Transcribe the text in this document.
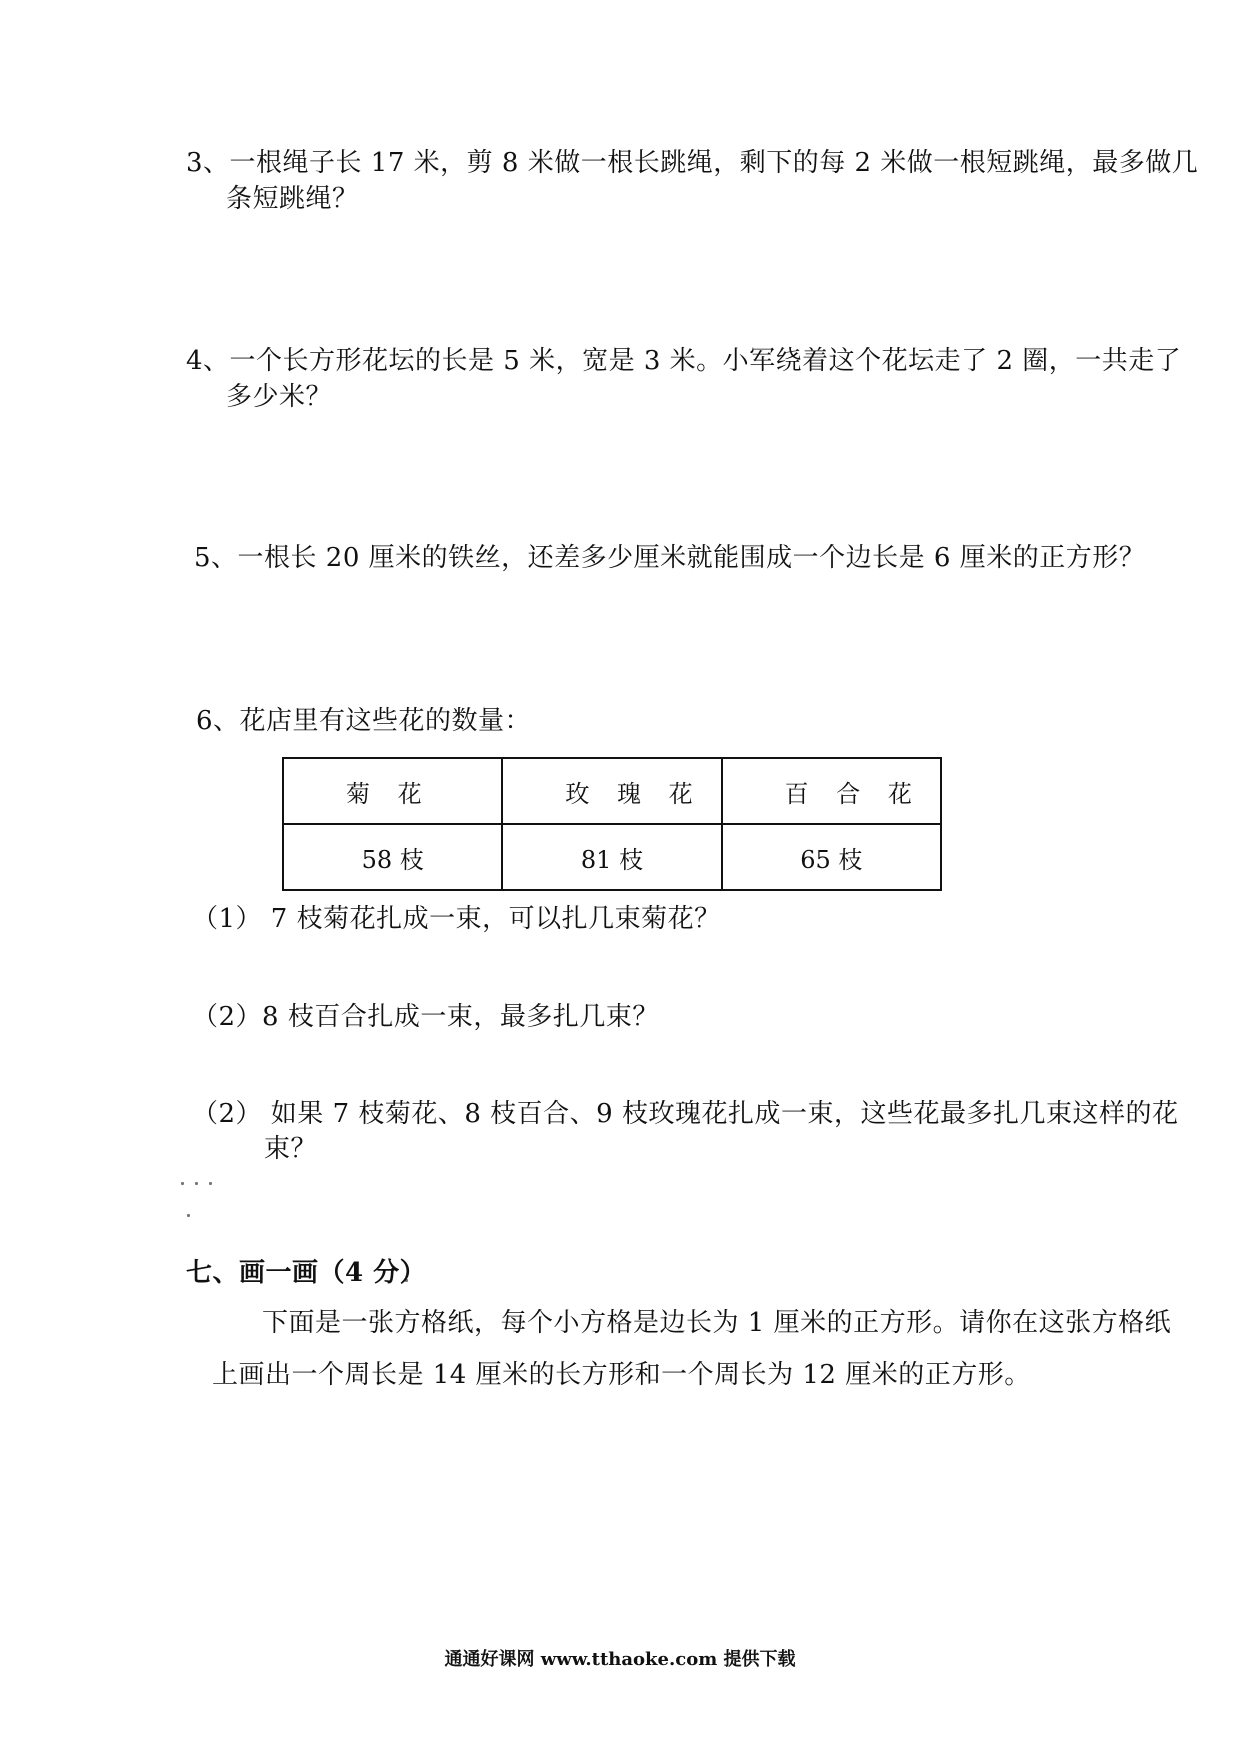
3、一根绳子长 17 米，剪 8 米做一根长跳绳，剩下的每 2 米做一根短跳绳，最多做几
条短跳绳？
4、一个长方形花坛的长是 5 米，宽是 3 米。小军绕着这个花坛走了 2 圈，一共走了
多少米？
5、一根长 20 厘米的铁丝，还差多少厘米就能围成一个边长是 6 厘米的正方形？
6、花店里有这些花的数量：
菊 花	玫 瑰 花	百 合 花
58 枝	81 枝	65 枝
（1） 7 枝菊花扎成一束，可以扎几束菊花？
（2）8 枝百合扎成一束，最多扎几束？
（2） 如果 7 枝菊花、8 枝百合、9 枝玫瑰花扎成一束，这些花最多扎几束这样的花
束？
七、画一画（4 分）
下面是一张方格纸，每个小方格是边长为 1 厘米的正方形。请你在这张方格纸
上画出一个周长是 14 厘米的长方形和一个周长为 12 厘米的正方形。
通通好课网 www.tthaoke.com 提供下载
